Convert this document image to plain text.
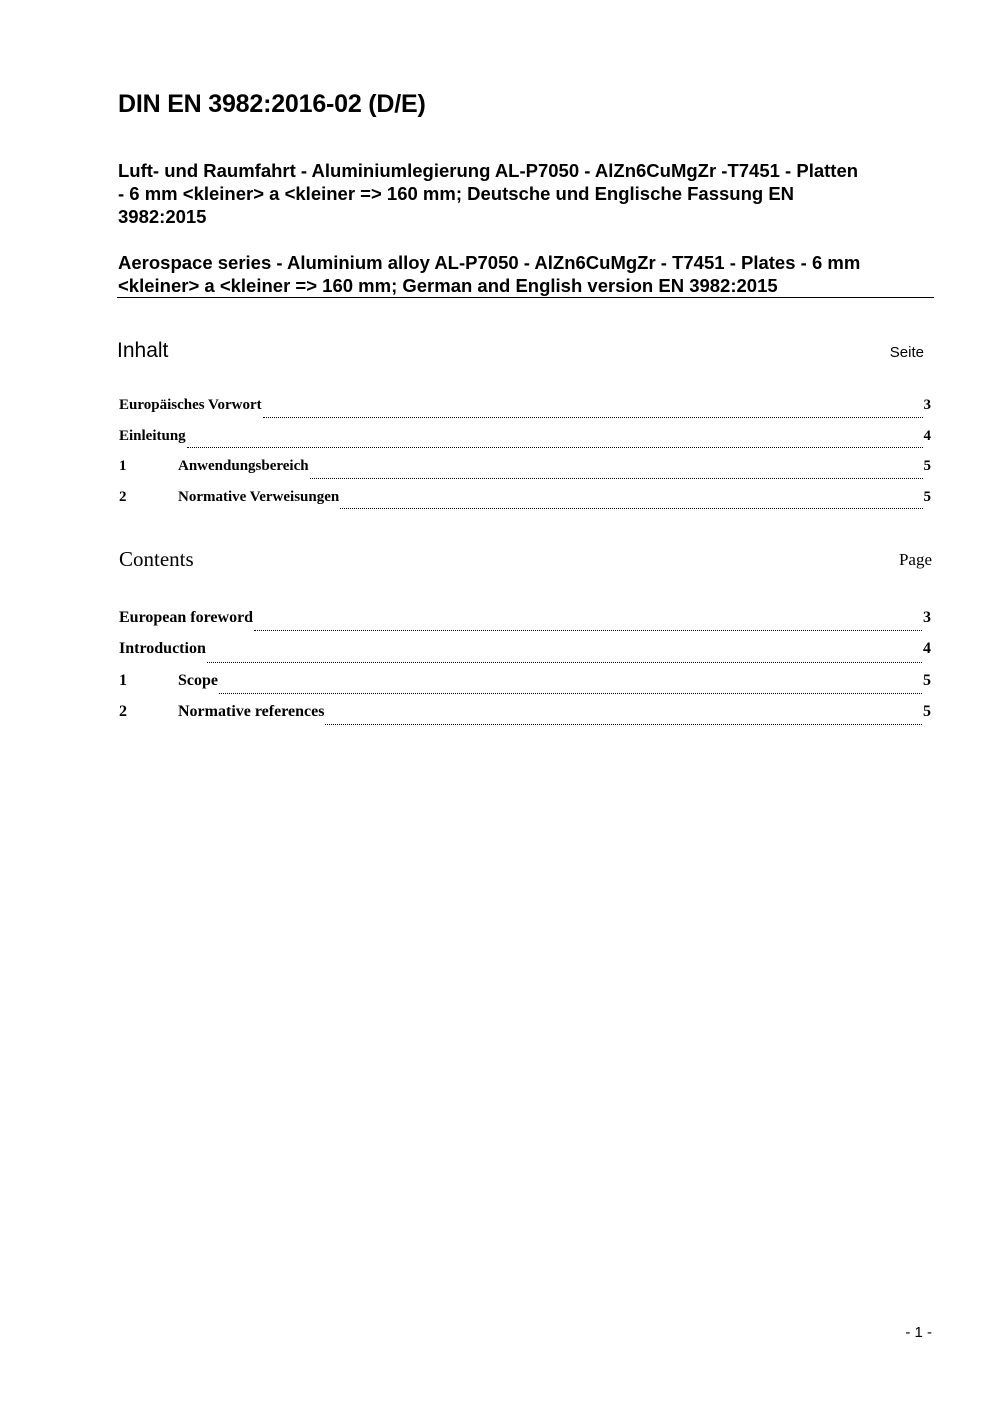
DIN EN 3982:2016-02 (D/E)
Luft- und Raumfahrt - Aluminiumlegierung AL-P7050 - AlZn6CuMgZr -T7451 - Platten
- 6 mm <kleiner> a <kleiner => 160 mm; Deutsche und Englische Fassung EN
3982:2015
Aerospace series - Aluminium alloy AL-P7050 - AlZn6CuMgZr - T7451 - Plates - 6 mm
<kleiner> a <kleiner => 160 mm; German and English version EN 3982:2015
Inhalt	Seite
Europäisches Vorwort	3
Einleitung	4
1	Anwendungsbereich	5
2	Normative Verweisungen	5
Contents	Page
European foreword	3
Introduction	4
1	Scope	5
2	Normative references	5
- 1 -
